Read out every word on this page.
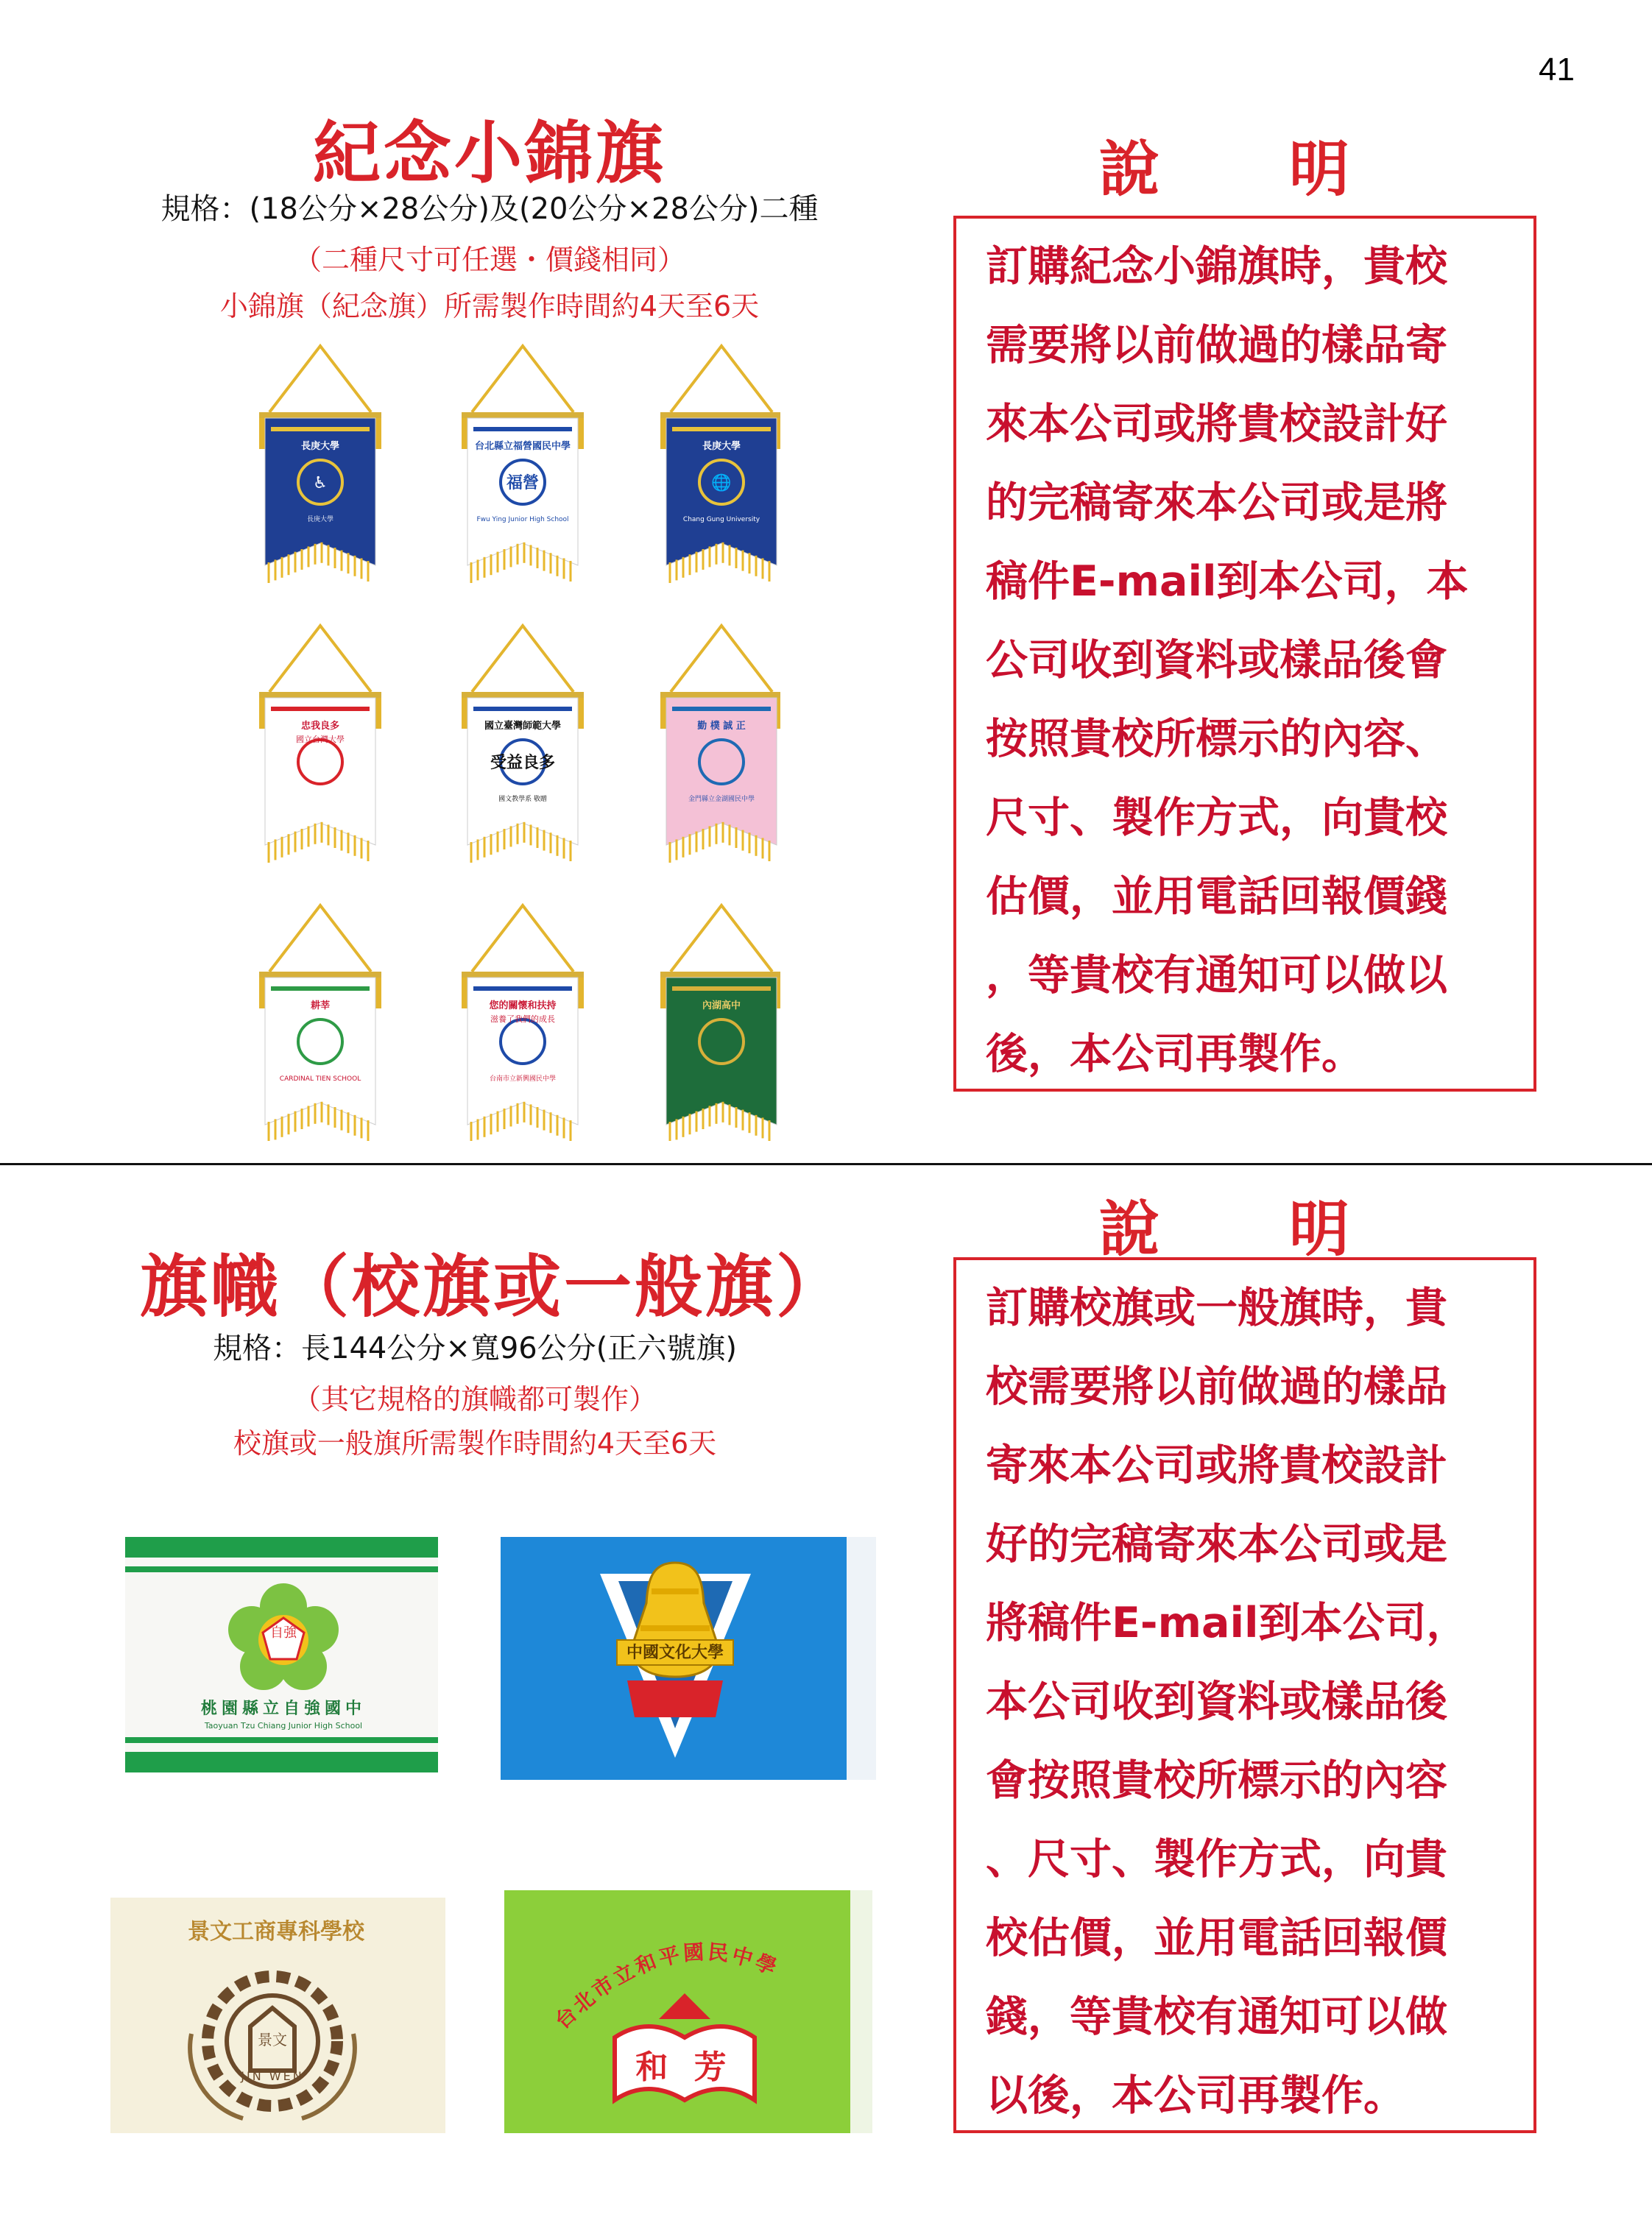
41
紀念小錦旗
規格：(18公分×28公分)及(20公分×28公分)二種
（二種尺寸可任選・價錢相同）
小錦旗（紀念旗）所需製作時間約4天至6天
長庚大學
♿
長庚大學
台北縣立福營國民中學
福營
Fwu Ying Junior High School
長庚大學
🌐
Chang Gung University
忠我良多
國立台灣大學
國立臺灣師範大學
受益良多
國文教學系 敬贈
勤 樸 誠 正
金門縣立金湖國民中學
耕莘
CARDINAL TIEN SCHOOL
您的關懷和扶持
滋養了我們的成長
台南市立新興國民中學
內湖高中
說　　明
訂購紀念小錦旗時，貴校
需要將以前做過的樣品寄
來本公司或將貴校設計好
的完稿寄來本公司或是將
稿件E-mail到本公司，本
公司收到資料或樣品後會
按照貴校所標示的內容、
尺寸、製作方式，向貴校
估價，並用電話回報價錢
，等貴校有通知可以做以
後，本公司再製作。
說　　明
旗幟（校旗或一般旗）
規格：長144公分×寬96公分(正六號旗)
（其它規格的旗幟都可製作）
校旗或一般旗所需製作時間約4天至6天
訂購校旗或一般旗時，貴
校需要將以前做過的樣品
寄來本公司或將貴校設計
好的完稿寄來本公司或是
將稿件E-mail到本公司，
本公司收到資料或樣品後
會按照貴校所標示的內容
、尺寸、製作方式，向貴
校估價，並用電話回報價
錢，等貴校有通知可以做
以後，本公司再製作。
自強
桃園縣立自強國中
Taoyuan Tzu Chiang Junior High School
中國文化大學
景文工商專科學校
景文
JIN WEN
台北市立和平國民中學
和 芳
